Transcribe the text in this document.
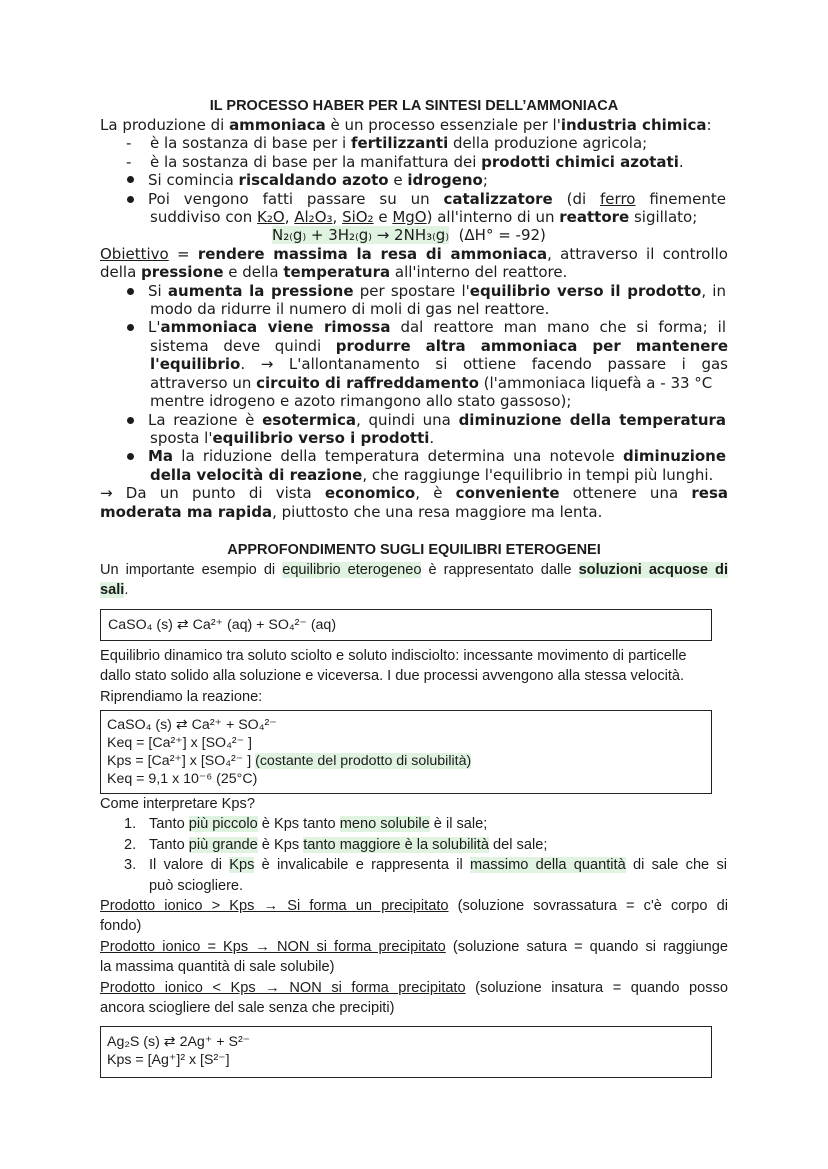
IL PROCESSO HABER PER LA SINTESI DELL’AMMONIACA
La produzione di ammoniaca è un processo essenziale per l'industria chimica:
- è la sostanza di base per i fertilizzanti della produzione agricola;
- è la sostanza di base per la manifattura dei prodotti chimici azotati.
Si comincia riscaldando azoto e idrogeno;
Poi vengono fatti passare su un catalizzatore (di ferro finemente
suddiviso con K₂O, Al₂O₃, SiO₂ e MgO) all'interno di un reattore sigillato;
N₂₍g₎ + 3H₂₍g₎ → 2NH₃₍g₎ (ΔH° = -92)
Obiettivo = rendere massima la resa di ammoniaca, attraverso il controllo
della pressione e della temperatura all'interno del reattore.
Si aumenta la pressione per spostare l'equilibrio verso il prodotto, in
modo da ridurre il numero di moli di gas nel reattore.
L'ammoniaca viene rimossa dal reattore man mano che si forma; il
sistema deve quindi produrre altra ammoniaca per mantenere
l'equilibrio. → L'allontanamento si ottiene facendo passare i gas
attraverso un circuito di raffreddamento (l'ammoniaca liquefà a - 33 °C
mentre idrogeno e azoto rimangono allo stato gassoso);
La reazione è esotermica, quindi una diminuzione della temperatura
sposta l'equilibrio verso i prodotti.
Ma la riduzione della temperatura determina una notevole diminuzione
della velocità di reazione, che raggiunge l'equilibrio in tempi più lunghi.
→ Da un punto di vista economico, è conveniente ottenere una resa
moderata ma rapida, piuttosto che una resa maggiore ma lenta.
APPROFONDIMENTO SUGLI EQUILIBRI ETEROGENEI
Un importante esempio di equilibrio eterogeneo è rappresentato dalle soluzioni acquose di
sali.
CaSO₄ (s) ⇄ Ca²⁺ (aq) + SO₄²⁻ (aq)
Equilibrio dinamico tra soluto sciolto e soluto indisciolto: incessante movimento di particelle
dallo stato solido alla soluzione e viceversa. I due processi avvengono alla stessa velocità.
Riprendiamo la reazione:
CaSO₄ (s) ⇄ Ca²⁺ + SO₄²⁻
Keq = [Ca²⁺] x [SO₄²⁻ ]
Kps = [Ca²⁺] x [SO₄²⁻ ] (costante del prodotto di solubilità)
Keq = 9,1 x 10⁻⁶ (25°C)
Come interpretare Kps?
1. Tanto più piccolo è Kps tanto meno solubile è il sale;
2. Tanto più grande è Kps tanto maggiore è la solubilità del sale;
3. Il valore di Kps è invalicabile e rappresenta il massimo della quantità di sale che si
può sciogliere.
Prodotto ionico > Kps → Si forma un precipitato (soluzione sovrassatura = c'è corpo di
fondo)
Prodotto ionico = Kps → NON si forma precipitato (soluzione satura = quando si raggiunge
la massima quantità di sale solubile)
Prodotto ionico < Kps → NON si forma precipitato (soluzione insatura = quando posso
ancora sciogliere del sale senza che precipiti)
Ag₂S (s) ⇄ 2Ag⁺ + S²⁻
Kps = [Ag⁺]² x [S²⁻]
